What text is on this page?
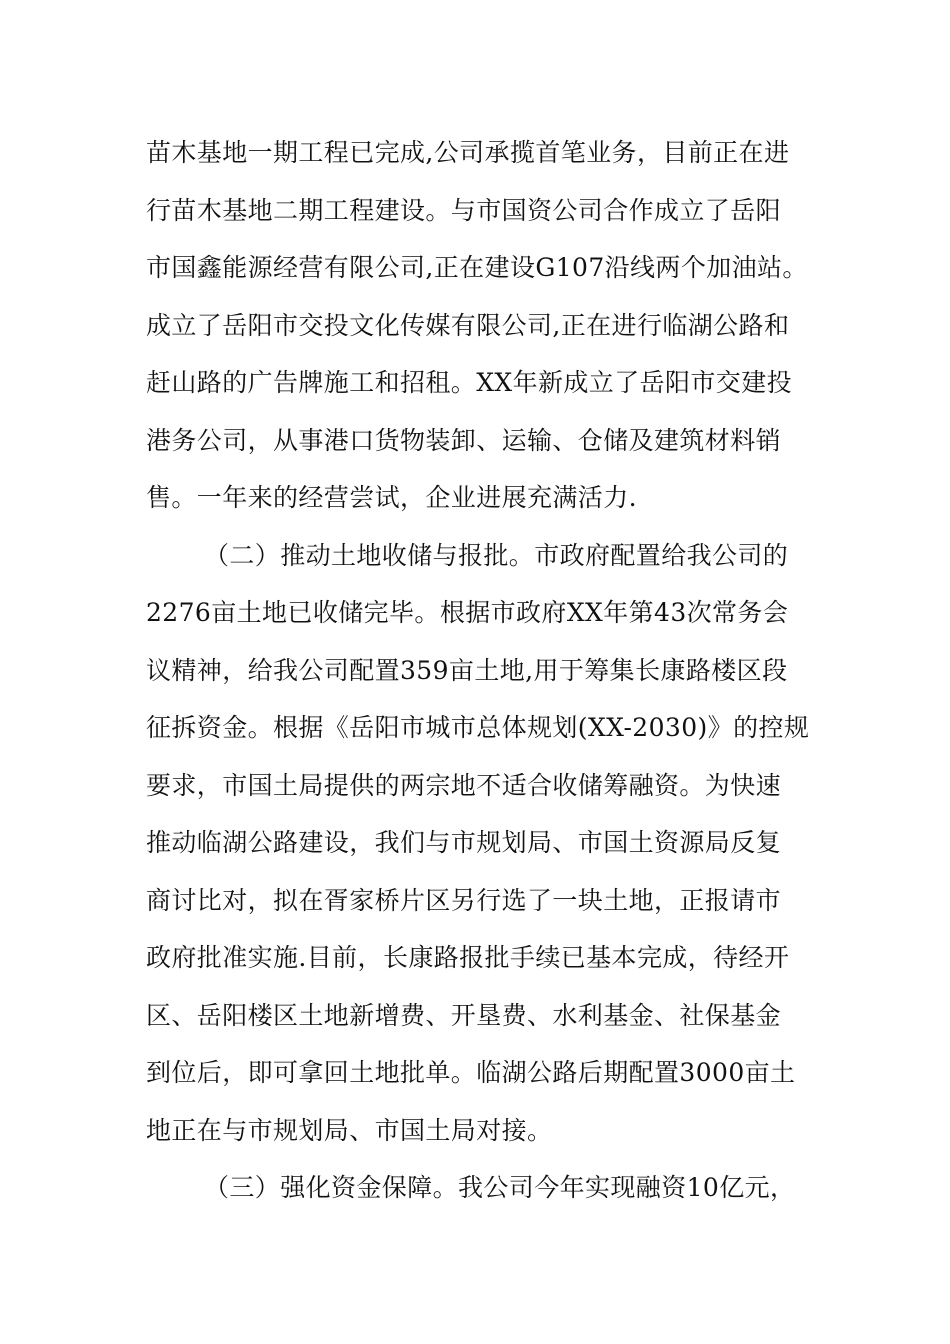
苗木基地一期工程已完成,公司承揽首笔业务，目前正在进
行苗木基地二期工程建设。与市国资公司合作成立了岳阳
市国鑫能源经营有限公司,正在建设G107沿线两个加油站。
成立了岳阳市交投文化传媒有限公司,正在进行临湖公路和
赶山路的广告牌施工和招租。XX年新成立了岳阳市交建投
港务公司，从事港口货物装卸、运输、仓储及建筑材料销
售。一年来的经营尝试，企业进展充满活力.
（二）推动土地收储与报批。市政府配置给我公司的
2276亩土地已收储完毕。根据市政府XX年第43次常务会
议精神，给我公司配置359亩土地,用于筹集长康路楼区段
征拆资金。根据《岳阳市城市总体规划(XX-2030)》的控规
要求，市国土局提供的两宗地不适合收储筹融资。为快速
推动临湖公路建设，我们与市规划局、市国土资源局反复
商讨比对，拟在胥家桥片区另行选了一块土地，正报请市
政府批准实施.目前，长康路报批手续已基本完成，待经开
区、岳阳楼区土地新增费、开垦费、水利基金、社保基金
到位后，即可拿回土地批单。临湖公路后期配置3000亩土
地正在与市规划局、市国土局对接。
（三）强化资金保障。我公司今年实现融资10亿元，
